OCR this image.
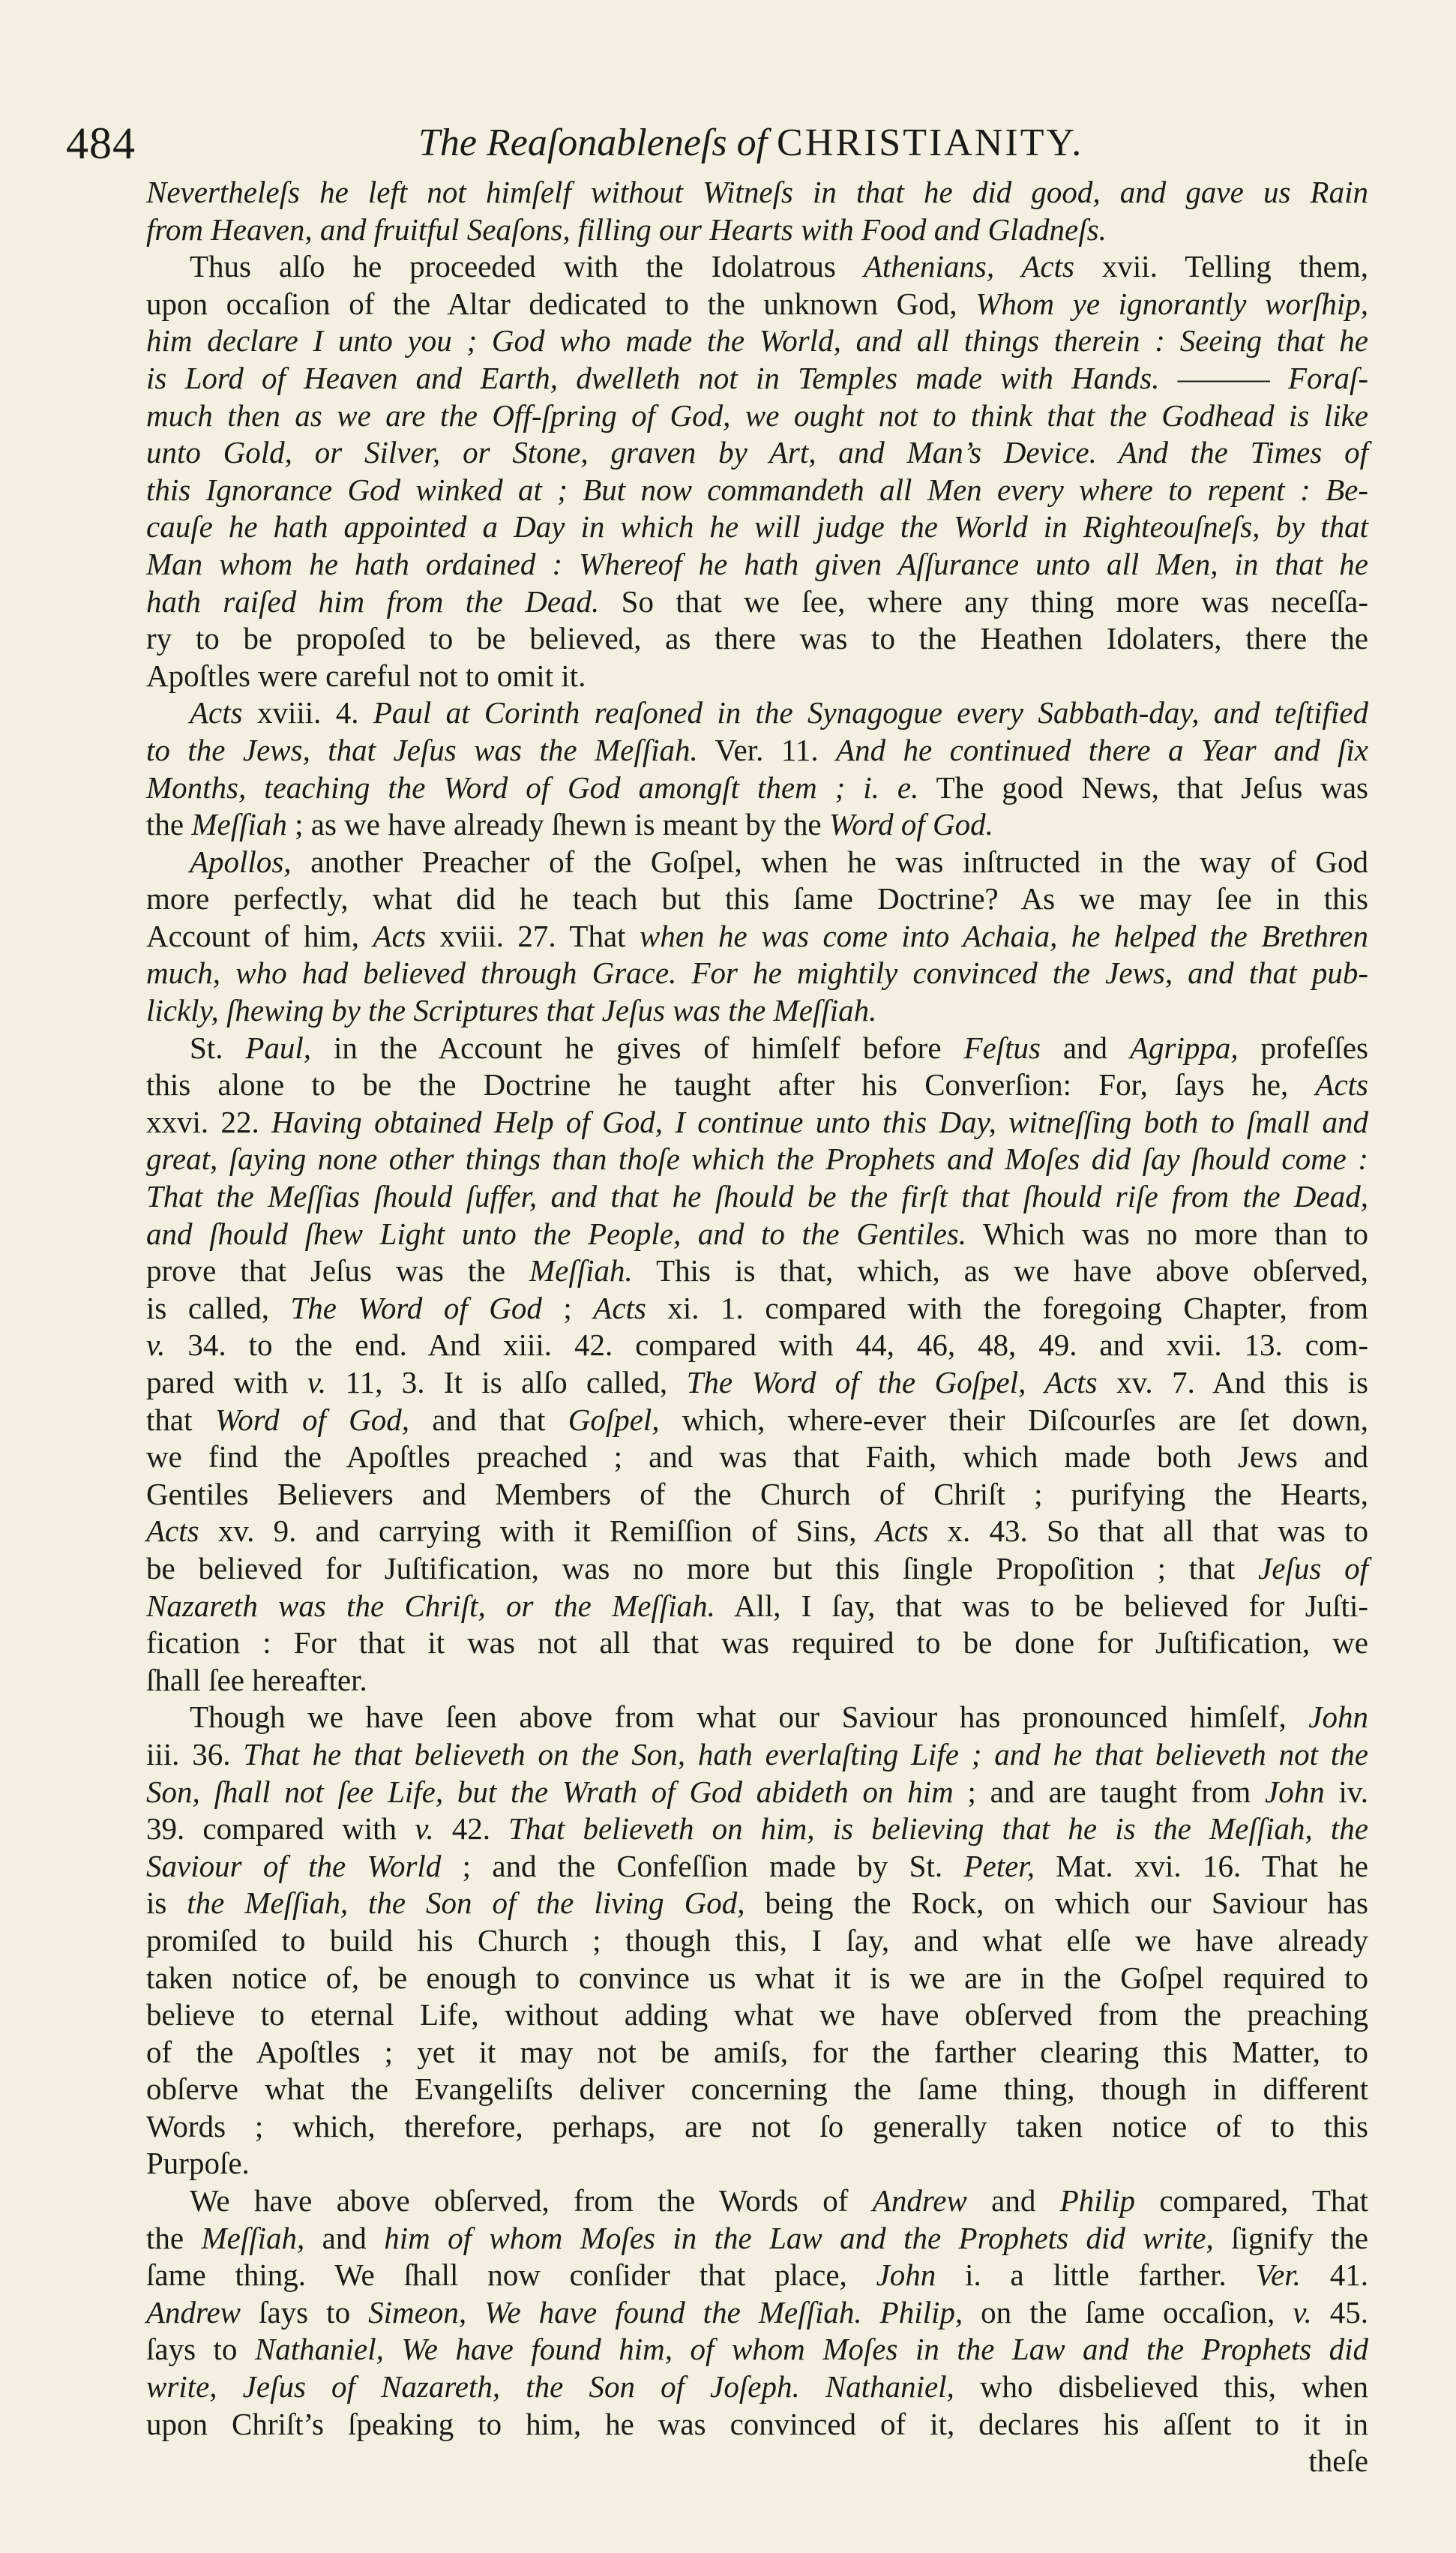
484	The Reaſonableneſs of CHRISTIANITY.
Nevertheleſs he left not himſelf without Witneſs in that he did good, and gave us Rain
from Heaven, and fruitful Seaſons, filling our Hearts with Food and Gladneſs.
Thus alſo he proceeded with the Idolatrous Athenians, Acts xvii. Telling them,
upon occaſion of the Altar dedicated to the unknown God, Whom ye ignorantly worſhip,
him declare I unto you ; God who made the World, and all things therein : Seeing that he
is Lord of Heaven and Earth, dwelleth not in Temples made with Hands. ——— Foraſ-
much then as we are the Off-ſpring of God, we ought not to think that the Godhead is like
unto Gold, or Silver, or Stone, graven by Art, and Man’s Device. And the Times of
this Ignorance God winked at ; But now commandeth all Men every where to repent : Be-
cauſe he hath appointed a Day in which he will judge the World in Righteouſneſs, by that
Man whom he hath ordained : Whereof he hath given Aſſurance unto all Men, in that he
hath raiſed him from the Dead. So that we ſee, where any thing more was neceſſa-
ry to be propoſed to be believed, as there was to the Heathen Idolaters, there the
Apoſtles were careful not to omit it.
Acts xviii. 4. Paul at Corinth reaſoned in the Synagogue every Sabbath-day, and teſtified
to the Jews, that Jeſus was the Meſſiah. Ver. 11. And he continued there a Year and ſix
Months, teaching the Word of God amongſt them ; i. e. The good News, that Jeſus was
the Meſſiah ; as we have already ſhewn is meant by the Word of God.
Apollos, another Preacher of the Goſpel, when he was inſtructed in the way of God
more perfectly, what did he teach but this ſame Doctrine? As we may ſee in this
Account of him, Acts xviii. 27. That when he was come into Achaia, he helped the Brethren
much, who had believed through Grace. For he mightily convinced the Jews, and that pub-
lickly, ſhewing by the Scriptures that Jeſus was the Meſſiah.
St. Paul, in the Account he gives of himſelf before Feſtus and Agrippa, profeſſes
this alone to be the Doctrine he taught after his Converſion: For, ſays he, Acts
xxvi. 22. Having obtained Help of God, I continue unto this Day, witneſſing both to ſmall and
great, ſaying none other things than thoſe which the Prophets and Moſes did ſay ſhould come :
That the Meſſias ſhould ſuffer, and that he ſhould be the firſt that ſhould riſe from the Dead,
and ſhould ſhew Light unto the People, and to the Gentiles. Which was no more than to
prove that Jeſus was the Meſſiah. This is that, which, as we have above obſerved,
is called, The Word of God ; Acts xi. 1. compared with the foregoing Chapter, from
v. 34. to the end. And xiii. 42. compared with 44, 46, 48, 49. and xvii. 13. com-
pared with v. 11, 3. It is alſo called, The Word of the Goſpel, Acts xv. 7. And this is
that Word of God, and that Goſpel, which, where-ever their Diſcourſes are ſet down,
we find the Apoſtles preached ; and was that Faith, which made both Jews and
Gentiles Believers and Members of the Church of Chriſt ; purifying the Hearts,
Acts xv. 9. and carrying with it Remiſſion of Sins, Acts x. 43. So that all that was to
be believed for Juſtification, was no more but this ſingle Propoſition ; that Jeſus of
Nazareth was the Chriſt, or the Meſſiah. All, I ſay, that was to be believed for Juſti-
fication : For that it was not all that was required to be done for Juſtification, we
ſhall ſee hereafter.
Though we have ſeen above from what our Saviour has pronounced himſelf, John
iii. 36. That he that believeth on the Son, hath everlaſting Life ; and he that believeth not the
Son, ſhall not ſee Life, but the Wrath of God abideth on him ; and are taught from John iv.
39. compared with v. 42. That believeth on him, is believing that he is the Meſſiah, the
Saviour of the World ; and the Confeſſion made by St. Peter, Mat. xvi. 16. That he
is the Meſſiah, the Son of the living God, being the Rock, on which our Saviour has
promiſed to build his Church ; though this, I ſay, and what elſe we have already
taken notice of, be enough to convince us what it is we are in the Goſpel required to
believe to eternal Life, without adding what we have obſerved from the preaching
of the Apoſtles ; yet it may not be amiſs, for the farther clearing this Matter, to
obſerve what the Evangeliſts deliver concerning the ſame thing, though in different
Words ; which, therefore, perhaps, are not ſo generally taken notice of to this
Purpoſe.
We have above obſerved, from the Words of Andrew and Philip compared, That
the Meſſiah, and him of whom Moſes in the Law and the Prophets did write, ſignify the
ſame thing. We ſhall now conſider that place, John i. a little farther. Ver. 41.
Andrew ſays to Simeon, We have found the Meſſiah. Philip, on the ſame occaſion, v. 45.
ſays to Nathaniel, We have found him, of whom Moſes in the Law and the Prophets did
write, Jeſus of Nazareth, the Son of Joſeph. Nathaniel, who disbelieved this, when
upon Chriſt’s ſpeaking to him, he was convinced of it, declares his aſſent to it in
theſe
